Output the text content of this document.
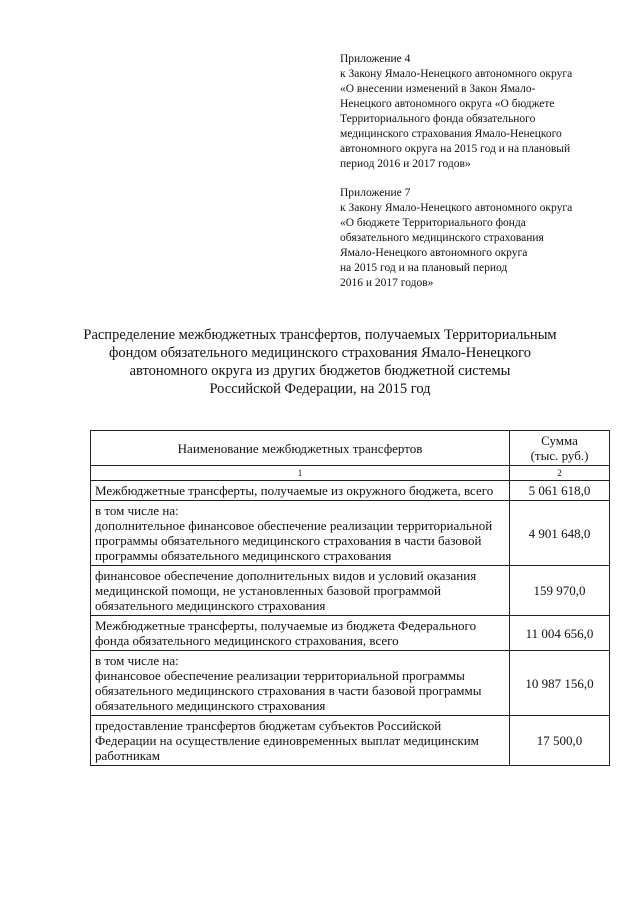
Приложение 4

к Закону Ямало-Ненецкого автономного округа

«О внесении изменений в Закон Ямало-

Ненецкого автономного округа «О бюджете

Территориального фонда обязательного

медицинского страхования Ямало-Ненецкого

автономного округа на 2015 год и на плановый

период 2016 и 2017 годов»

Приложение 7

к Закону Ямало-Ненецкого автономного округа

«О бюджете Территориального фонда

обязательного медицинского страхования

Ямало-Ненецкого автономного округа

на 2015 год и на плановый период

2016 и 2017 годов»

Распределение межбюджетных трансфертов, получаемых Территориальным

фондом обязательного медицинского страхования Ямало-Ненецкого

автономного округа из других бюджетов бюджетной системы

Российской Федерации, на 2015 год

Наименование межбюджетных трансфертов	Сумма
(тыс. руб.)
1	2
Межбюджетные трансферты, получаемые из окружного бюджета, всего	5 061 618,0
в том числе на:
дополнительное финансовое обеспечение реализации территориальной программы обязательного медицинского страхования в части базовой программы обязательного медицинского страхования	4 901 648,0
финансовое обеспечение дополнительных видов и условий оказания медицинской помощи, не установленных базовой программой обязательного медицинского страхования	159 970,0
Межбюджетные трансферты, получаемые из бюджета Федерального фонда обязательного медицинского страхования, всего	11 004 656,0
в том числе на:
финансовое обеспечение реализации территориальной программы обязательного медицинского страхования в части базовой программы обязательного медицинского страхования	10 987 156,0
предоставление трансфертов бюджетам субъектов Российской Федерации на осуществление единовременных выплат медицинским работникам	17 500,0
